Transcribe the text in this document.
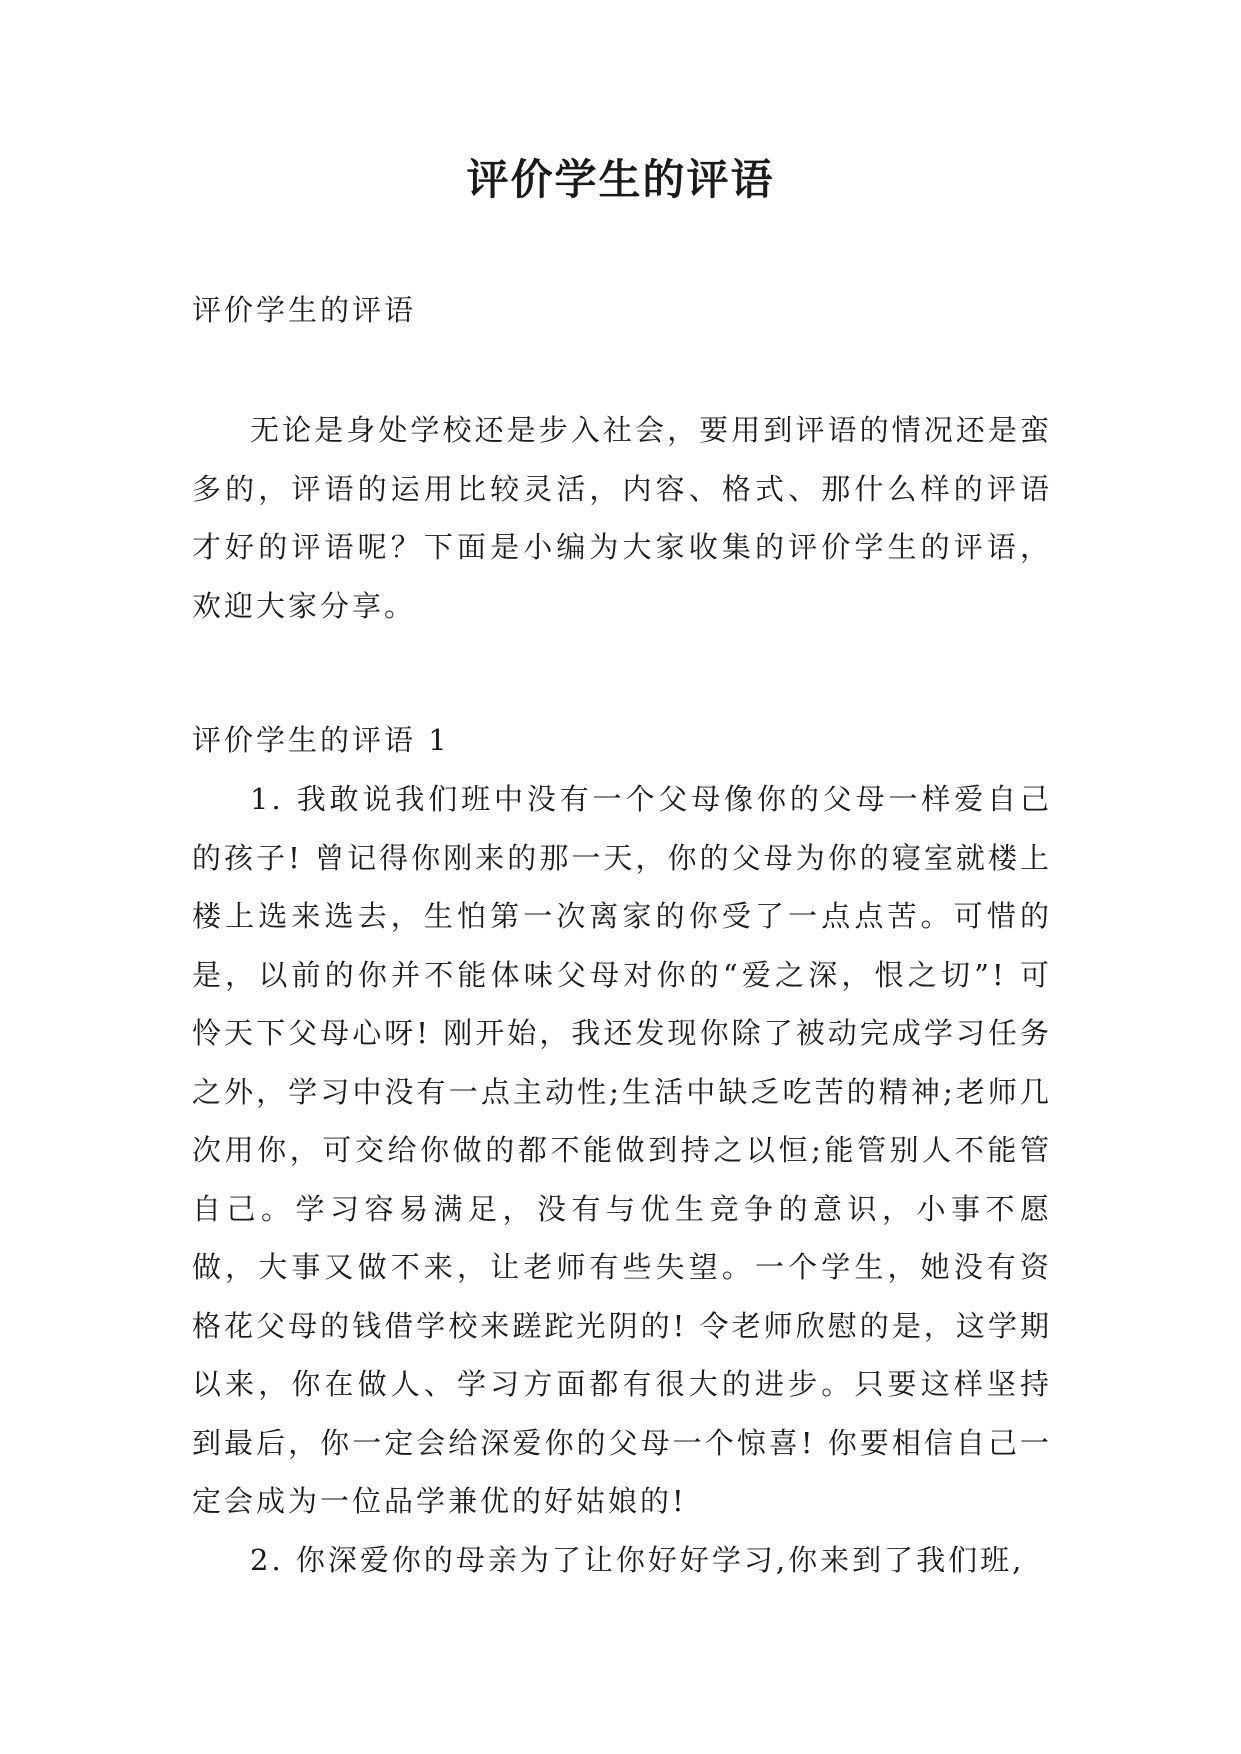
评价学生的评语

评价学生的评语

无论是身处学校还是步入社会，要用到评语的情况还是蛮多的，评语的运用比较灵活，内容、格式、那什么样的评语才好的评语呢？下面是小编为大家收集的评价学生的评语，欢迎大家分享。

评价学生的评语 1

1. 我敢说我们班中没有一个父母像你的父母一样爱自己的孩子! 曾记得你刚来的那一天，你的父母为你的寝室就楼上楼上选来选去，生怕第一次离家的你受了一点点苦。可惜的是，以前的你并不能体味父母对你的“爱之深，恨之切”! 可怜天下父母心呀! 刚开始，我还发现你除了被动完成学习任务之外，学习中没有一点主动性;生活中缺乏吃苦的精神;老师几次用你，可交给你做的都不能做到持之以恒;能管别人不能管自己。学习容易满足，没有与优生竞争的意识，小事不愿做，大事又做不来，让老师有些失望。一个学生，她没有资格花父母的钱借学校来蹉跎光阴的! 令老师欣慰的是，这学期以来，你在做人、学习方面都有很大的进步。只要这样坚持到最后，你一定会给深爱你的父母一个惊喜! 你要相信自己一定会成为一位品学兼优的好姑娘的!

2. 你深爱你的母亲为了让你好好学习,你来到了我们班,
